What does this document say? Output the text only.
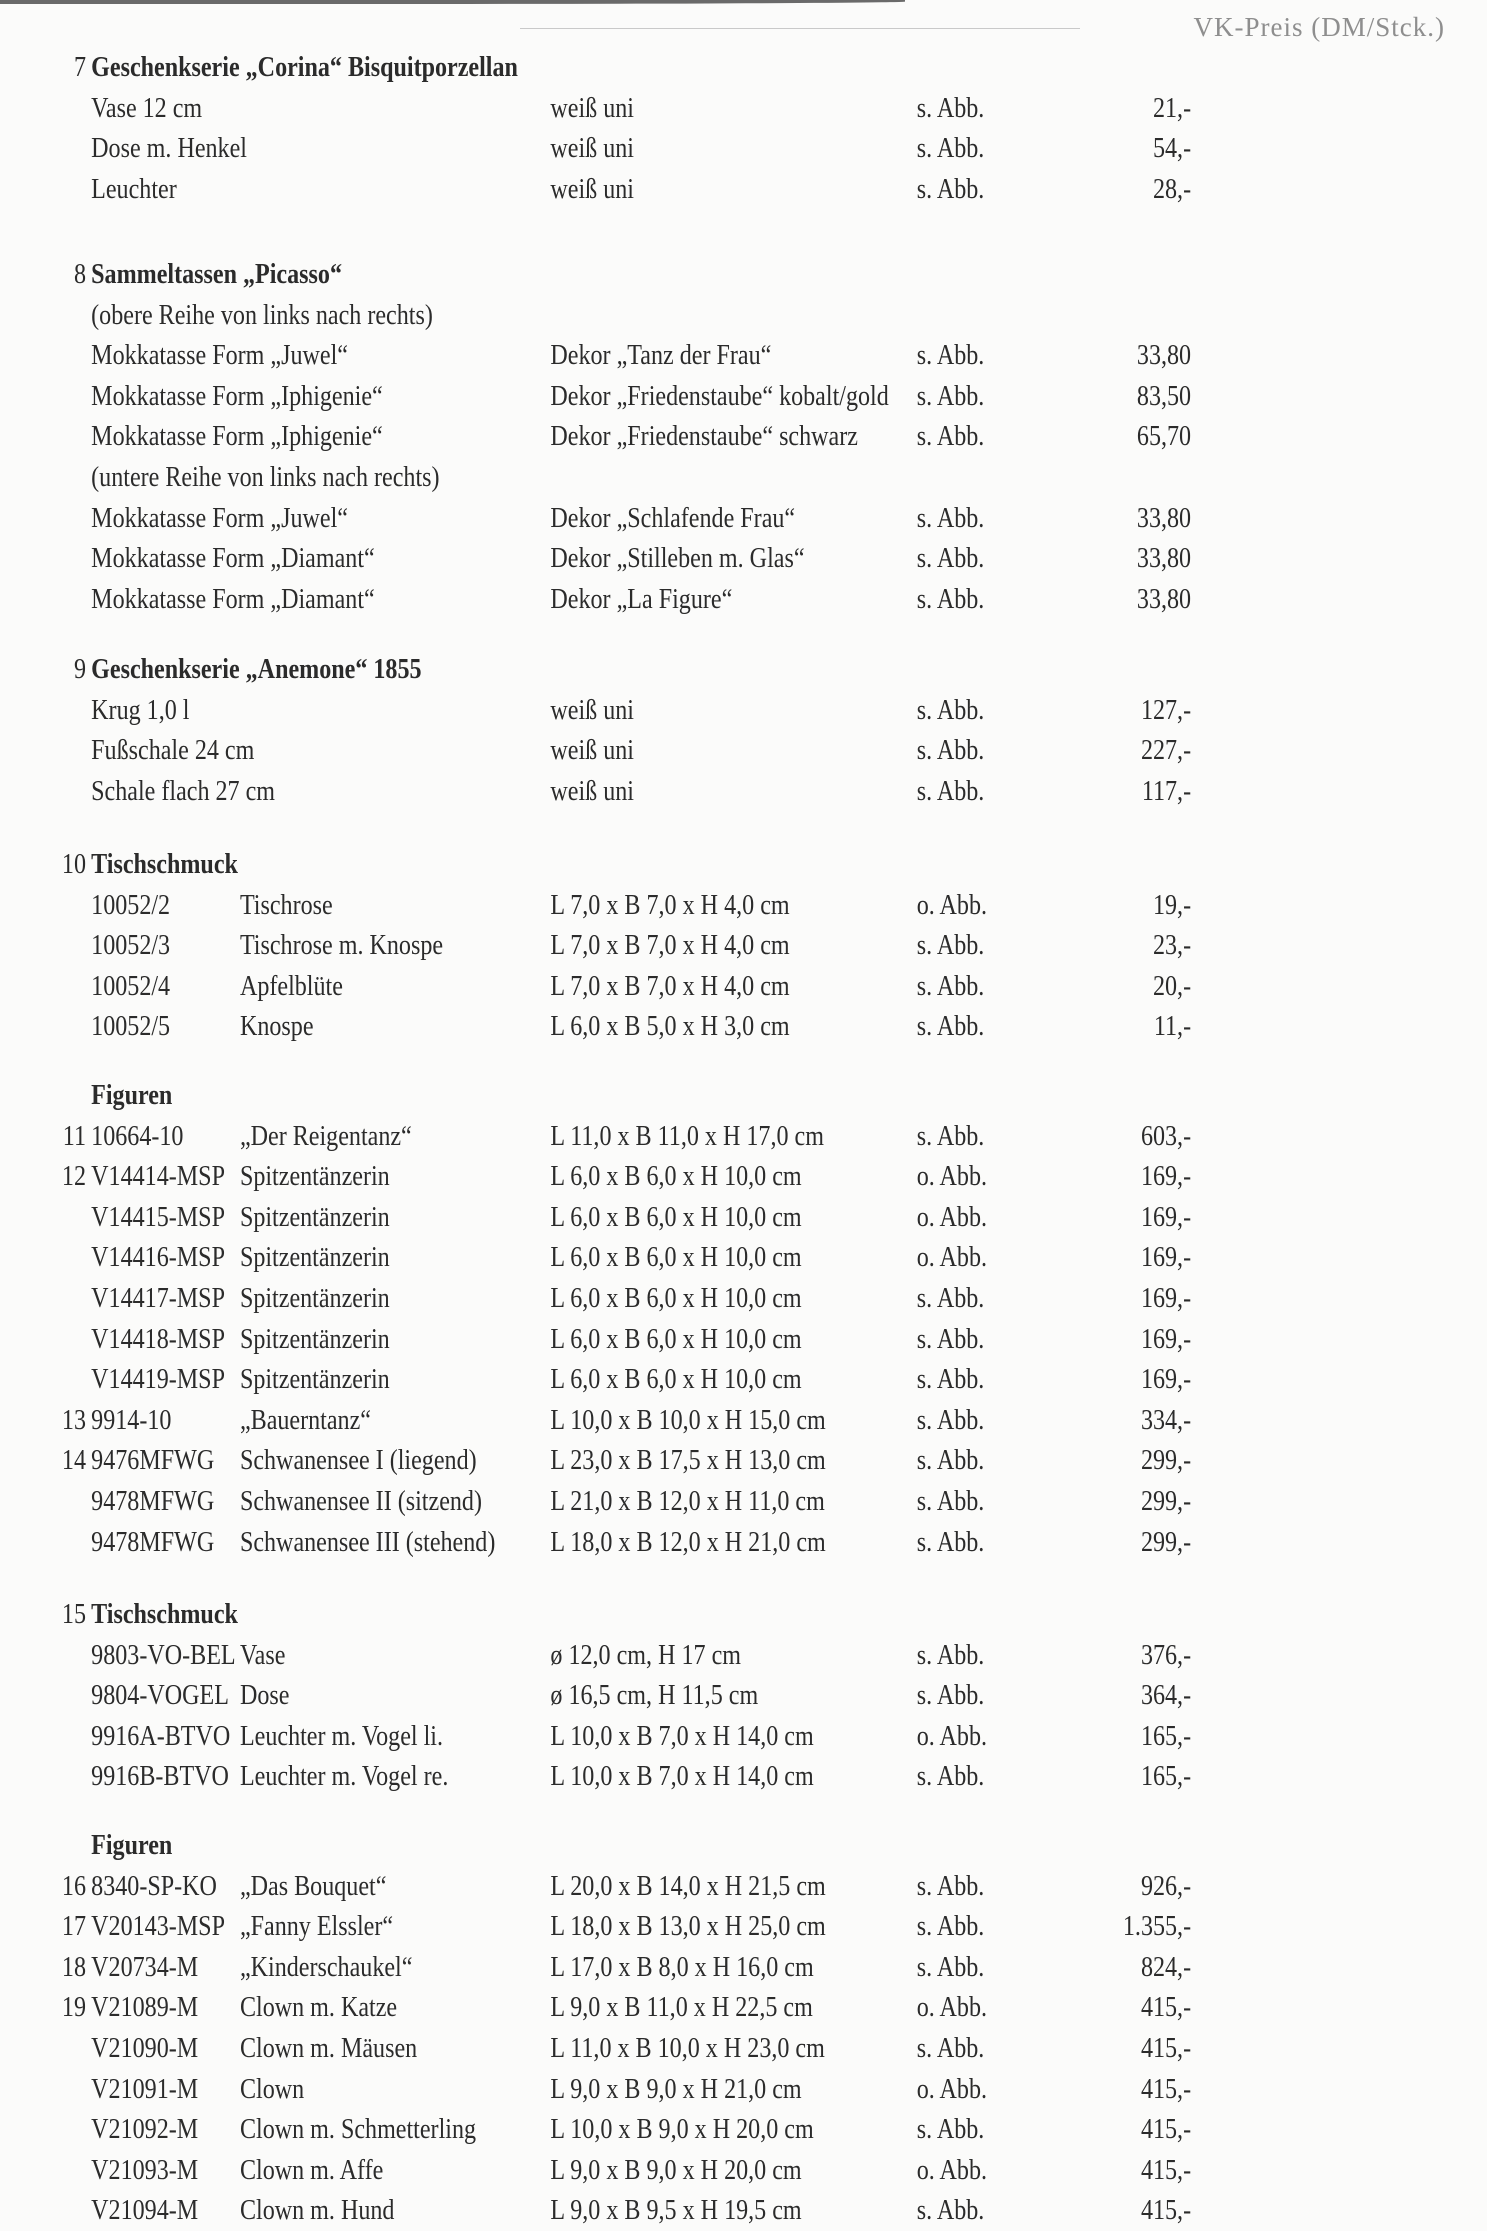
VK-Preis (DM/Stck.)
7 Geschenkserie „Corina“ Bisquitporzellan
Vase 12 cm	weiß uni	s. Abb.	21,-
Dose m. Henkel	weiß uni	s. Abb.	54,-
Leuchter	weiß uni	s. Abb.	28,-
8 Sammeltassen „Picasso“
(obere Reihe von links nach rechts)
Mokkatasse Form „Juwel“	Dekor „Tanz der Frau“	s. Abb.	33,80
Mokkatasse Form „Iphigenie“	Dekor „Friedenstaube“ kobalt/gold s. Abb.	83,50
Mokkatasse Form „Iphigenie“	Dekor „Friedenstaube“ schwarz s. Abb.	65,70
(untere Reihe von links nach rechts)
Mokkatasse Form „Juwel“	Dekor „Schlafende Frau“	s. Abb.	33,80
Mokkatasse Form „Diamant“	Dekor „Stilleben m. Glas“	s. Abb.	33,80
Mokkatasse Form „Diamant“	Dekor „La Figure“	s. Abb.	33,80
9 Geschenkserie „Anemone“ 1855
Krug 1,0 l	weiß uni	s. Abb.	127,-
Fußschale 24 cm	weiß uni	s. Abb.	227,-
Schale flach 27 cm	weiß uni	s. Abb.	117,-
10 Tischschmuck
10052/2 Tischrose	L 7,0 x B 7,0 x H 4,0 cm	o. Abb.	19,-
10052/3 Tischrose m. Knospe	L 7,0 x B 7,0 x H 4,0 cm	s. Abb.	23,-
10052/4 Apfelblüte	L 7,0 x B 7,0 x H 4,0 cm	s. Abb.	20,-
10052/5 Knospe	L 6,0 x B 5,0 x H 3,0 cm	s. Abb.	11,-
Figuren
11 10664-10 „Der Reigentanz“	L 11,0 x B 11,0 x H 17,0 cm	s. Abb.	603,-
12 V14414-MSP Spitzentänzerin	L 6,0 x B 6,0 x H 10,0 cm	o. Abb.	169,-
V14415-MSP Spitzentänzerin	L 6,0 x B 6,0 x H 10,0 cm	o. Abb.	169,-
V14416-MSP Spitzentänzerin	L 6,0 x B 6,0 x H 10,0 cm	o. Abb.	169,-
V14417-MSP Spitzentänzerin	L 6,0 x B 6,0 x H 10,0 cm	s. Abb.	169,-
V14418-MSP Spitzentänzerin	L 6,0 x B 6,0 x H 10,0 cm	s. Abb.	169,-
V14419-MSP Spitzentänzerin	L 6,0 x B 6,0 x H 10,0 cm	s. Abb.	169,-
13 9914-10 „Bauerntanz“	L 10,0 x B 10,0 x H 15,0 cm	s. Abb.	334,-
14 9476MFWG Schwanensee I (liegend)	L 23,0 x B 17,5 x H 13,0 cm	s. Abb.	299,-
9478MFWG Schwanensee II (sitzend) L 21,0 x B 12,0 x H 11,0 cm	s. Abb.	299,-
9478MFWG Schwanensee III (stehend) L 18,0 x B 12,0 x H 21,0 cm	s. Abb.	299,-
15 Tischschmuck
9803-VO-BEL Vase	ø 12,0 cm, H 17 cm	s. Abb.	376,-
9804-VOGEL Dose	ø 16,5 cm, H 11,5 cm	s. Abb.	364,-
9916A-BTVO Leuchter m. Vogel li.	L 10,0 x B 7,0 x H 14,0 cm	o. Abb.	165,-
9916B-BTVO Leuchter m. Vogel re.	L 10,0 x B 7,0 x H 14,0 cm	s. Abb.	165,-
Figuren
16 8340-SP-KO „Das Bouquet“	L 20,0 x B 14,0 x H 21,5 cm	s. Abb.	926,-
17 V20143-MSP „Fanny Elssler“	L 18,0 x B 13,0 x H 25,0 cm	s. Abb.	1.355,-
18 V20734-M „Kinderschaukel“	L 17,0 x B 8,0 x H 16,0 cm	s. Abb.	824,-
19 V21089-M Clown m. Katze	L 9,0 x B 11,0 x H 22,5 cm	o. Abb.	415,-
V21090-M Clown m. Mäusen	L 11,0 x B 10,0 x H 23,0 cm	s. Abb.	415,-
V21091-M Clown	L 9,0 x B 9,0 x H 21,0 cm	o. Abb.	415,-
V21092-M Clown m. Schmetterling	L 10,0 x B 9,0 x H 20,0 cm	s. Abb.	415,-
V21093-M Clown m. Affe	L 9,0 x B 9,0 x H 20,0 cm	o. Abb.	415,-
V21094-M Clown m. Hund	L 9,0 x B 9,5 x H 19,5 cm	s. Abb.	415,-
